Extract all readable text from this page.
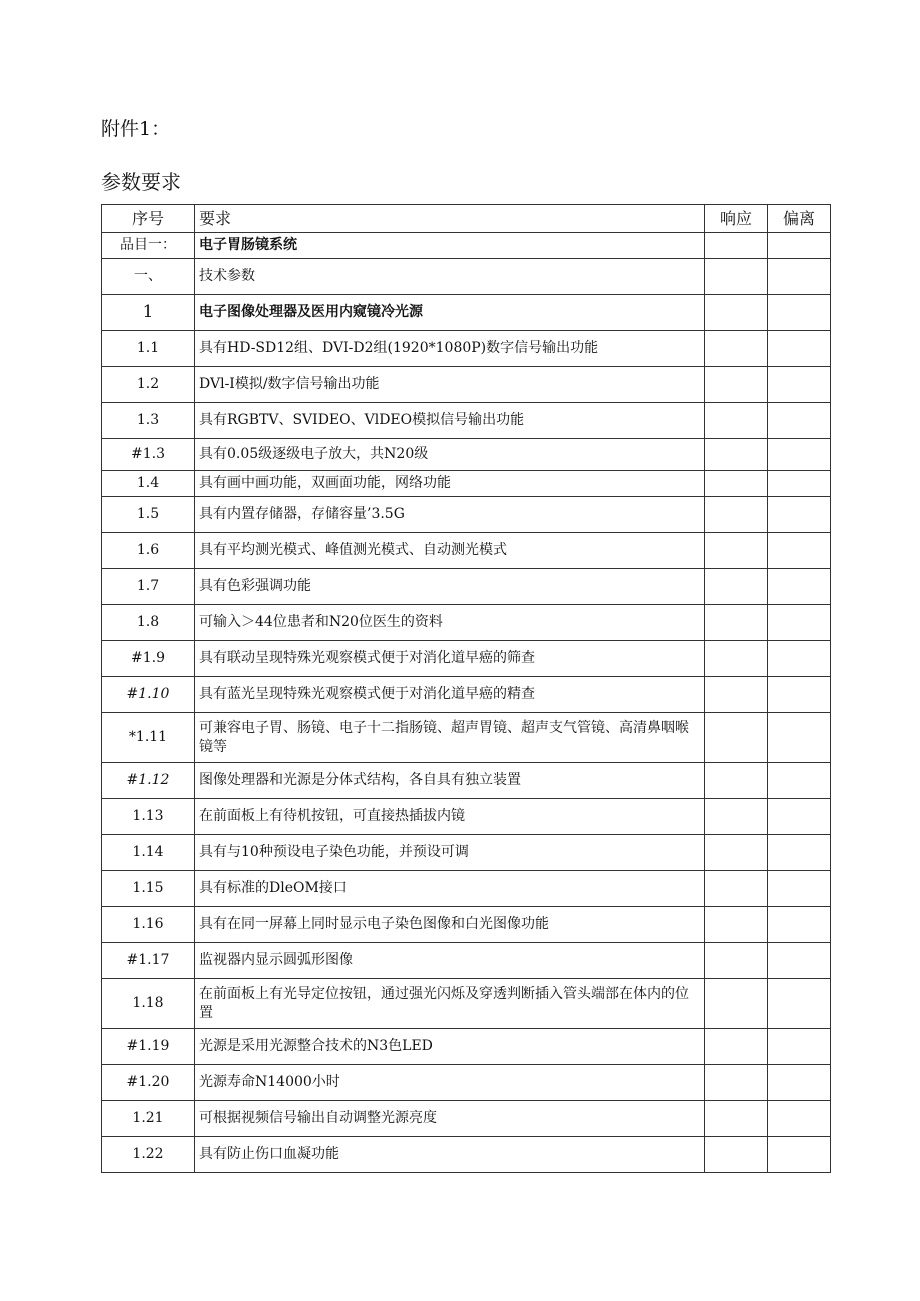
附件1：
参数要求
序号	要求	响应	偏离
品目一：	电子胃肠镜系统		
一、	技术参数		
1	电子图像处理器及医用内窥镜冷光源		
1.1	具有HD-SD12组、DVI-D2组(1920*1080P)数字信号输出功能		
1.2	DVl-I模拟/数字信号输出功能		
1.3	具有RGBTV、SVIDEO、VlDEO模拟信号输出功能		
#1.3	具有0.05级逐级电子放大，共N20级		
1.4	具有画中画功能，双画面功能，网络功能		
1.5	具有内置存储器，存储容量’3.5G		
1.6	具有平均测光模式、峰值测光模式、自动测光模式		
1.7	具有色彩强调功能		
1.8	可输入＞44位患者和N20位医生的资料		
#1.9	具有联动呈现特殊光观察模式便于对消化道早癌的筛查		
#1.10	具有蓝光呈现特殊光观察模式便于对消化道早癌的精查		
*1.11	可兼容电子胃、肠镜、电子十二指肠镜、超声胃镜、超声支气管镜、高清鼻咽喉镜等		
#1.12	图像处理器和光源是分体式结构，各自具有独立装置		
1.13	在前面板上有待机按钮，可直接热插拔内镜		
1.14	具有与10种预设电子染色功能，并预设可调		
1.15	具有标准的DleOM接口		
1.16	具有在同一屏幕上同时显示电子染色图像和白光图像功能		
#1.17	监视器内显示圆弧形图像		
1.18	在前面板上有光导定位按钮，通过强光闪烁及穿透判断插入管头端部在体内的位置		
#1.19	光源是采用光源整合技术的N3色LED		
#1.20	光源寿命N14000小时		
1.21	可根据视频信号输出自动调整光源亮度		
1.22	具有防止伤口血凝功能		
